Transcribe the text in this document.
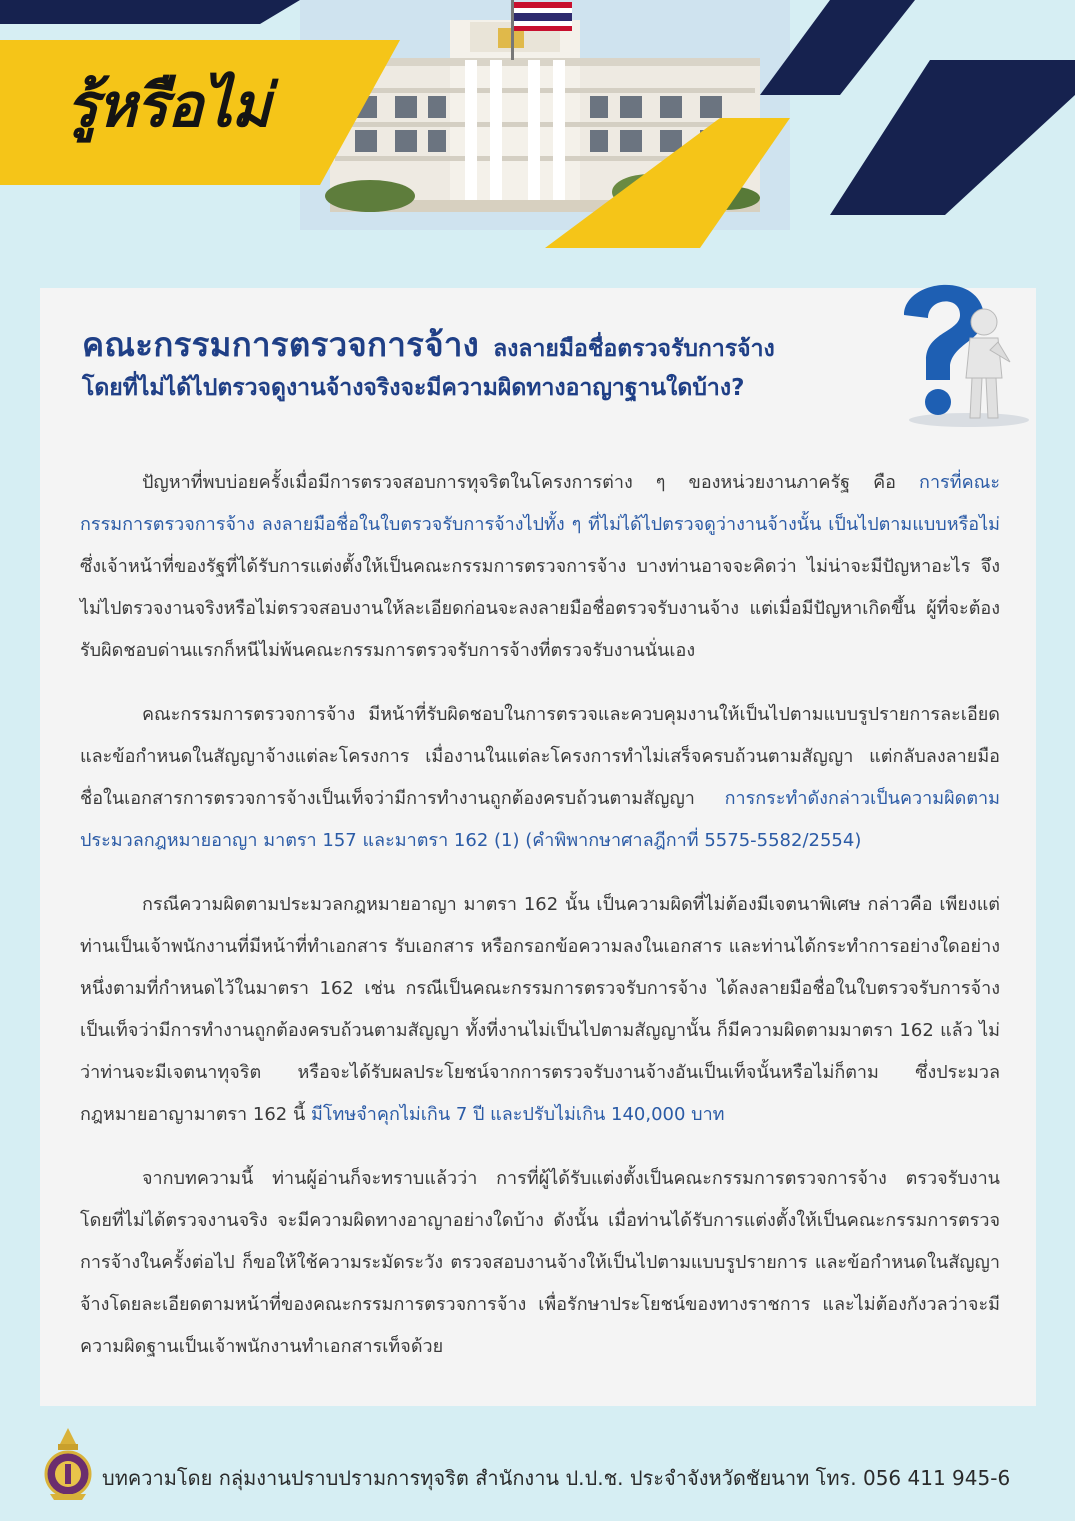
รู้หรือไม่
คณะกรรมการตรวจการจ้าง ลงลายมือชื่อตรวจรับการจ้าง
โดยที่ไม่ได้ไปตรวจดูงานจ้างจริงจะมีความผิดทางอาญาฐานใดบ้าง?

ปัญหาที่พบบ่อยครั้งเมื่อมีการตรวจสอบการทุจริตในโครงการต่าง ๆ ของหน่วยงานภาครัฐ คือ การที่คณะกรรมการตรวจการจ้าง ลงลายมือชื่อในใบตรวจรับการจ้างไปทั้ง ๆ ที่ไม่ได้ไปตรวจดูว่างานจ้างนั้น เป็นไปตามแบบหรือไม่ ซึ่งเจ้าหน้าที่ของรัฐที่ได้รับการแต่งตั้งให้เป็นคณะกรรมการตรวจการจ้าง บางท่านอาจจะคิดว่า ไม่น่าจะมีปัญหาอะไร จึงไม่ไปตรวจงานจริงหรือไม่ตรวจสอบงานให้ละเอียดก่อนจะลงลายมือชื่อตรวจรับงานจ้าง แต่เมื่อมีปัญหาเกิดขึ้น ผู้ที่จะต้องรับผิดชอบด่านแรกก็หนีไม่พ้นคณะกรรมการตรวจรับการจ้างที่ตรวจรับงานนั่นเอง

คณะกรรมการตรวจการจ้าง มีหน้าที่รับผิดชอบในการตรวจและควบคุมงานให้เป็นไปตามแบบรูปรายการละเอียดและข้อกำหนดในสัญญาจ้างแต่ละโครงการ เมื่องานในแต่ละโครงการทำไม่เสร็จครบถ้วนตามสัญญา แต่กลับลงลายมือชื่อในเอกสารการตรวจการจ้างเป็นเท็จว่ามีการทำงานถูกต้องครบถ้วนตามสัญญา การกระทำดังกล่าวเป็นความผิดตามประมวลกฎหมายอาญา มาตรา 157 และมาตรา 162 (1) (คำพิพากษาศาลฎีกาที่ 5575-5582/2554)

กรณีความผิดตามประมวลกฎหมายอาญา มาตรา 162 นั้น เป็นความผิดที่ไม่ต้องมีเจตนาพิเศษ กล่าวคือ เพียงแต่ท่านเป็นเจ้าพนักงานที่มีหน้าที่ทำเอกสาร รับเอกสาร หรือกรอกข้อความลงในเอกสาร และท่านได้กระทำการอย่างใดอย่างหนึ่งตามที่กำหนดไว้ในมาตรา 162 เช่น กรณีเป็นคณะกรรมการตรวจรับการจ้าง ได้ลงลายมือชื่อในใบตรวจรับการจ้างเป็นเท็จว่ามีการทำงานถูกต้องครบถ้วนตามสัญญา ทั้งที่งานไม่เป็นไปตามสัญญานั้น ก็มีความผิดตามมาตรา 162 แล้ว ไม่ว่าท่านจะมีเจตนาทุจริต หรือจะได้รับผลประโยชน์จากการตรวจรับงานจ้างอันเป็นเท็จนั้นหรือไม่ก็ตาม ซึ่งประมวลกฎหมายอาญามาตรา 162 นี้ มีโทษจำคุกไม่เกิน 7 ปี และปรับไม่เกิน 140,000 บาท

จากบทความนี้ ท่านผู้อ่านก็จะทราบแล้วว่า การที่ผู้ได้รับแต่งตั้งเป็นคณะกรรมการตรวจการจ้าง ตรวจรับงานโดยที่ไม่ได้ตรวจงานจริง จะมีความผิดทางอาญาอย่างใดบ้าง ดังนั้น เมื่อท่านได้รับการแต่งตั้งให้เป็นคณะกรรมการตรวจการจ้างในครั้งต่อไป ก็ขอให้ใช้ความระมัดระวัง ตรวจสอบงานจ้างให้เป็นไปตามแบบรูปรายการ และข้อกำหนดในสัญญาจ้างโดยละเอียดตามหน้าที่ของคณะกรรมการตรวจการจ้าง เพื่อรักษาประโยชน์ของทางราชการ และไม่ต้องกังวลว่าจะมีความผิดฐานเป็นเจ้าพนักงานทำเอกสารเท็จด้วย

บทความโดย กลุ่มงานปราบปรามการทุจริต สำนักงาน ป.ป.ช. ประจำจังหวัดชัยนาท โทร. 056 411 945-6
